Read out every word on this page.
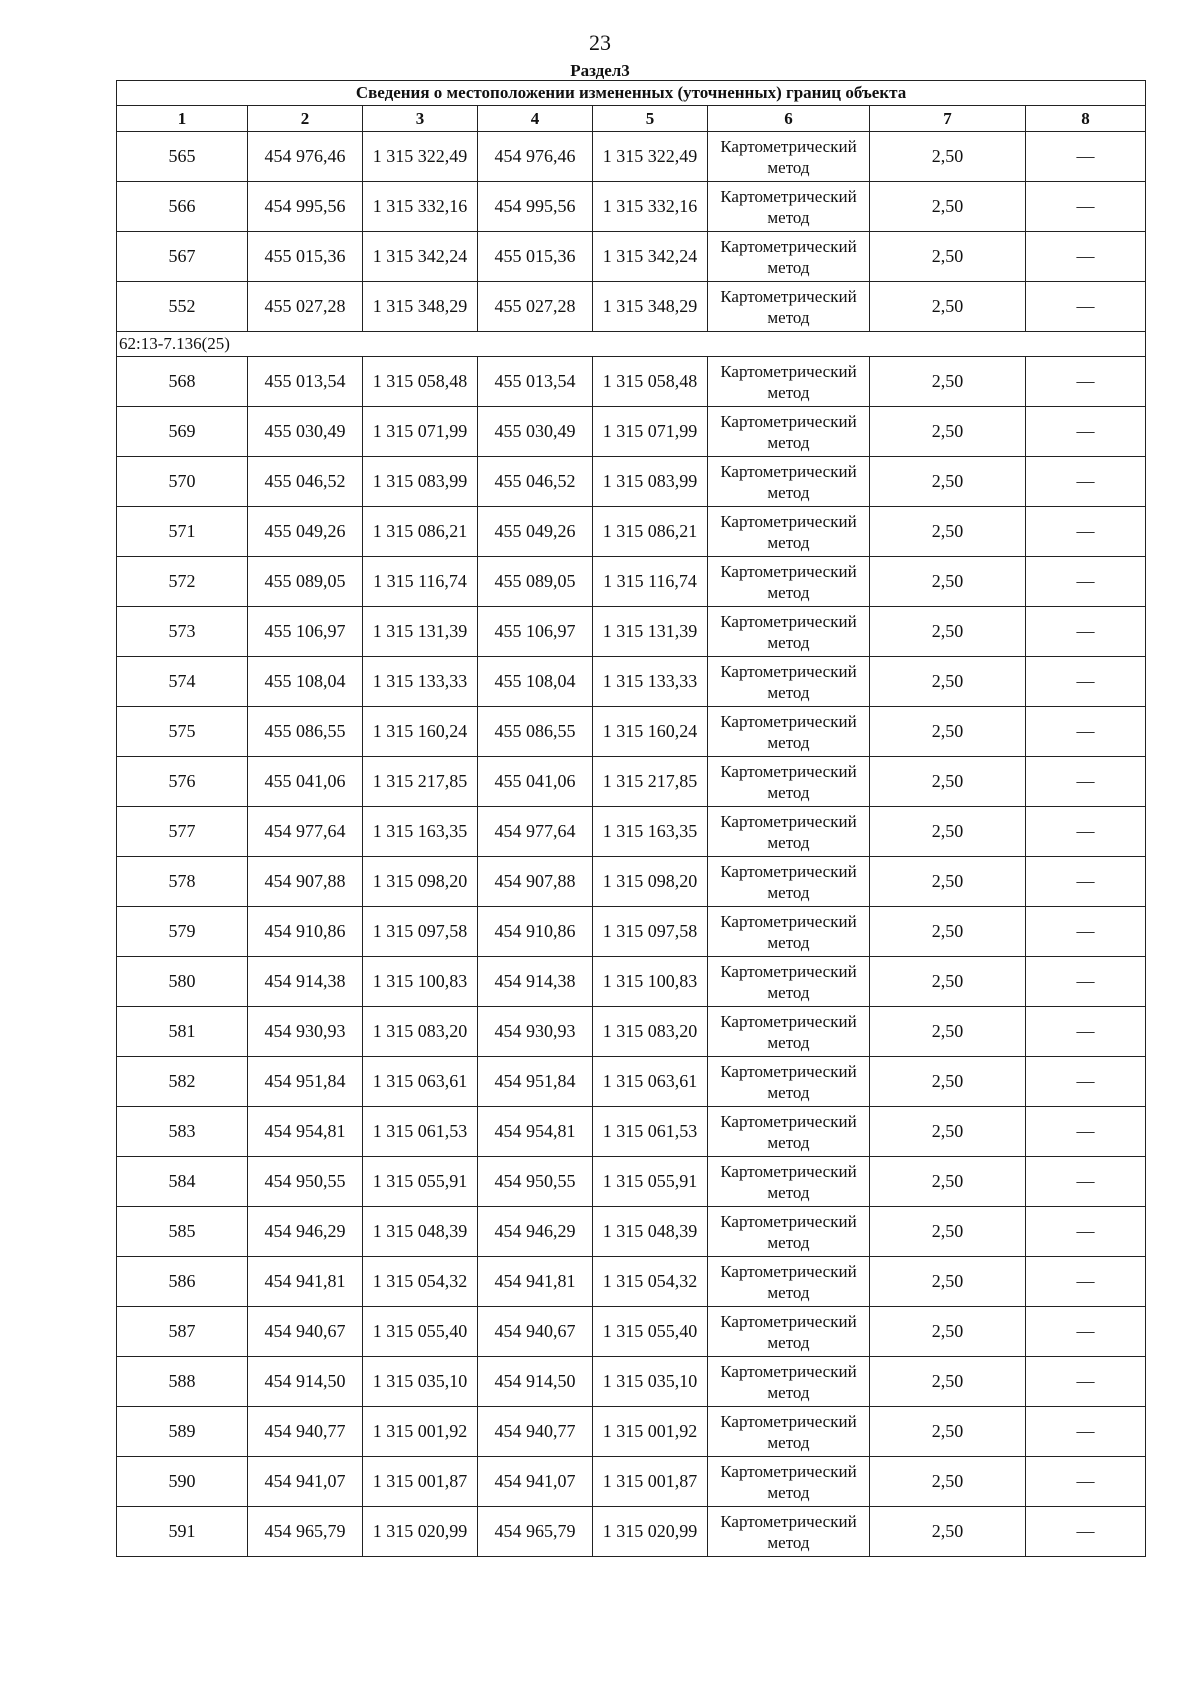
23
Раздел3
Сведения о местоположении измененных (уточненных) границ объекта							
1	2	3	4	5	6	7	8
565	454 976,46	1 315 322,49	454 976,46	1 315 322,49	Картометрический метод	2,50	—
566	454 995,56	1 315 332,16	454 995,56	1 315 332,16	Картометрический метод	2,50	—
567	455 015,36	1 315 342,24	455 015,36	1 315 342,24	Картометрический метод	2,50	—
552	455 027,28	1 315 348,29	455 027,28	1 315 348,29	Картометрический метод	2,50	—
62:13-7.136(25)							
568	455 013,54	1 315 058,48	455 013,54	1 315 058,48	Картометрический метод	2,50	—
569	455 030,49	1 315 071,99	455 030,49	1 315 071,99	Картометрический метод	2,50	—
570	455 046,52	1 315 083,99	455 046,52	1 315 083,99	Картометрический метод	2,50	—
571	455 049,26	1 315 086,21	455 049,26	1 315 086,21	Картометрический метод	2,50	—
572	455 089,05	1 315 116,74	455 089,05	1 315 116,74	Картометрический метод	2,50	—
573	455 106,97	1 315 131,39	455 106,97	1 315 131,39	Картометрический метод	2,50	—
574	455 108,04	1 315 133,33	455 108,04	1 315 133,33	Картометрический метод	2,50	—
575	455 086,55	1 315 160,24	455 086,55	1 315 160,24	Картометрический метод	2,50	—
576	455 041,06	1 315 217,85	455 041,06	1 315 217,85	Картометрический метод	2,50	—
577	454 977,64	1 315 163,35	454 977,64	1 315 163,35	Картометрический метод	2,50	—
578	454 907,88	1 315 098,20	454 907,88	1 315 098,20	Картометрический метод	2,50	—
579	454 910,86	1 315 097,58	454 910,86	1 315 097,58	Картометрический метод	2,50	—
580	454 914,38	1 315 100,83	454 914,38	1 315 100,83	Картометрический метод	2,50	—
581	454 930,93	1 315 083,20	454 930,93	1 315 083,20	Картометрический метод	2,50	—
582	454 951,84	1 315 063,61	454 951,84	1 315 063,61	Картометрический метод	2,50	—
583	454 954,81	1 315 061,53	454 954,81	1 315 061,53	Картометрический метод	2,50	—
584	454 950,55	1 315 055,91	454 950,55	1 315 055,91	Картометрический метод	2,50	—
585	454 946,29	1 315 048,39	454 946,29	1 315 048,39	Картометрический метод	2,50	—
586	454 941,81	1 315 054,32	454 941,81	1 315 054,32	Картометрический метод	2,50	—
587	454 940,67	1 315 055,40	454 940,67	1 315 055,40	Картометрический метод	2,50	—
588	454 914,50	1 315 035,10	454 914,50	1 315 035,10	Картометрический метод	2,50	—
589	454 940,77	1 315 001,92	454 940,77	1 315 001,92	Картометрический метод	2,50	—
590	454 941,07	1 315 001,87	454 941,07	1 315 001,87	Картометрический метод	2,50	—
591	454 965,79	1 315 020,99	454 965,79	1 315 020,99	Картометрический метод	2,50	—
